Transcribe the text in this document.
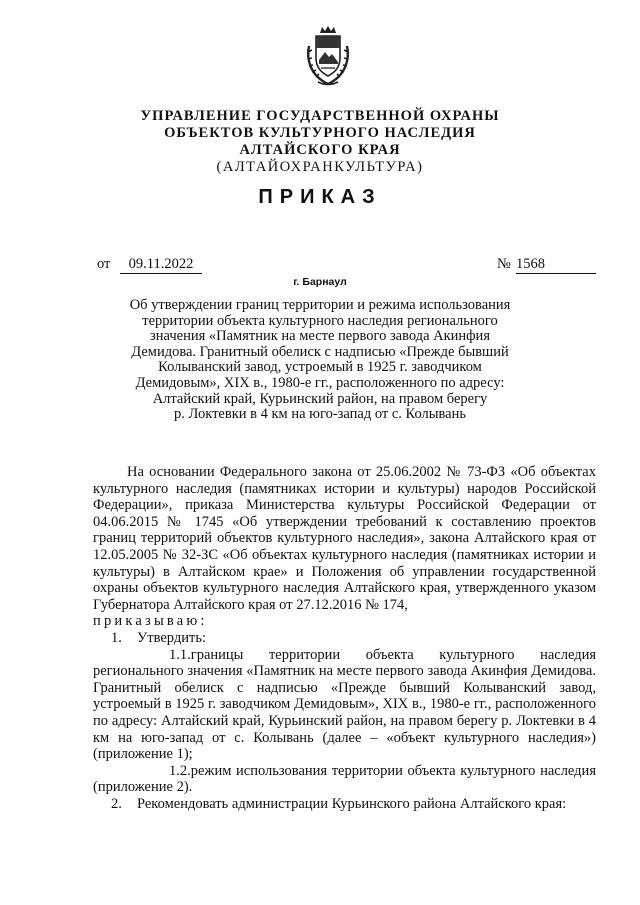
УПРАВЛЕНИЕ ГОСУДАРСТВЕННОЙ ОХРАНЫ
ОБЪЕКТОВ КУЛЬТУРНОГО НАСЛЕДИЯ
АЛТАЙСКОГО КРАЯ
(АЛТАЙОХРАНКУЛЬТУРА)
ПРИКАЗ
от	09.11.2022	№ 1568
г. Барнаул
Об утверждении границ территории и режима использования
территории объекта культурного наследия регионального
значения «Памятник на месте первого завода Акинфия
Демидова. Гранитный обелиск с надписью «Прежде бывший
Колыванский завод, устроемый в 1925 г. заводчиком
Демидовым», XIX в., 1980-е гг., расположенного по адресу:
Алтайский край, Курьинский район, на правом берегу
р. Локтевки в 4 км на юго-запад от с. Колывань

На основании Федерального закона от 25.06.2002 № 73-ФЗ «Об объектах культурного наследия (памятниках истории и культуры) народов Российской Федерации», приказа Министерства культуры Российской Федерации от 04.06.2015 № 1745 «Об утверждении требований к составлению проектов границ территорий объектов культурного наследия», закона Алтайского края от 12.05.2005 № 32-ЗС «Об объектах культурного наследия (памятниках истории и культуры) в Алтайском крае» и Положения об управлении государственной охраны объектов культурного наследия Алтайского края, утвержденного указом Губернатора Алтайского края от 27.12.2016 № 174,

приказываю:

1. Утвердить:

1.1.границы территории объекта культурного наследия регионального значения «Памятник на месте первого завода Акинфия Демидова. Гранитный обелиск с надписью «Прежде бывший Колыванский завод, устроемый в 1925 г. заводчиком Демидовым», XIX в., 1980-е гг., расположенного по адресу: Алтайский край, Курьинский район, на правом берегу р. Локтевки в 4 км на юго-запад от с. Колывань (далее – «объект культурного наследия») (приложение 1);

1.2.режим использования территории объекта культурного наследия (приложение 2).

2. Рекомендовать администрации Курьинского района Алтайского края:
